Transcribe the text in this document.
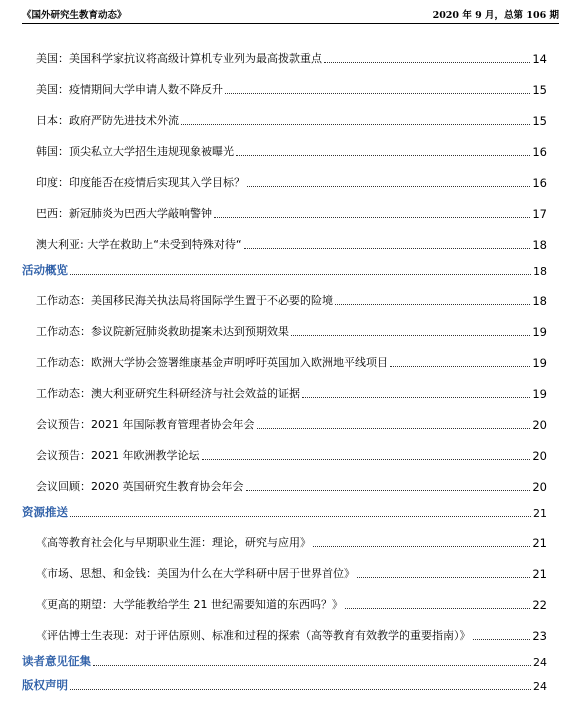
《国外研究生教育动态》	2020 年 9 月，总第 106 期
美国：美国科学家抗议将高级计算机专业列为最高拨款重点	14
美国：疫情期间大学申请人数不降反升	15
日本：政府严防先进技术外流	15
韩国：顶尖私立大学招生违规现象被曝光	16
印度：印度能否在疫情后实现其入学目标？	16
巴西：新冠肺炎为巴西大学敲响警钟	17
澳大利亚: 大学在救助上“未受到特殊对待“	18
活动概览	18
工作动态：美国移民海关执法局将国际学生置于不必要的险境	18
工作动态：参议院新冠肺炎救助提案未达到预期效果	19
工作动态：欧洲大学协会签署维康基金声明呼吁英国加入欧洲地平线项目	19
工作动态：澳大利亚研究生科研经济与社会效益的证据	19
会议预告：2021 年国际教育管理者协会年会	20
会议预告：2021 年欧洲教学论坛	20
会议回顾：2020 英国研究生教育协会年会	20
资源推送	21
《高等教育社会化与早期职业生涯：理论，研究与应用》	21
《市场、思想、和金钱：美国为什么在大学科研中居于世界首位》	21
《更高的期望：大学能教给学生 21 世纪需要知道的东西吗？》	22
《评估博士生表现：对于评估原则、标准和过程的探索（高等教育有效教学的重要指南）》	23
读者意见征集	24
版权声明	24
